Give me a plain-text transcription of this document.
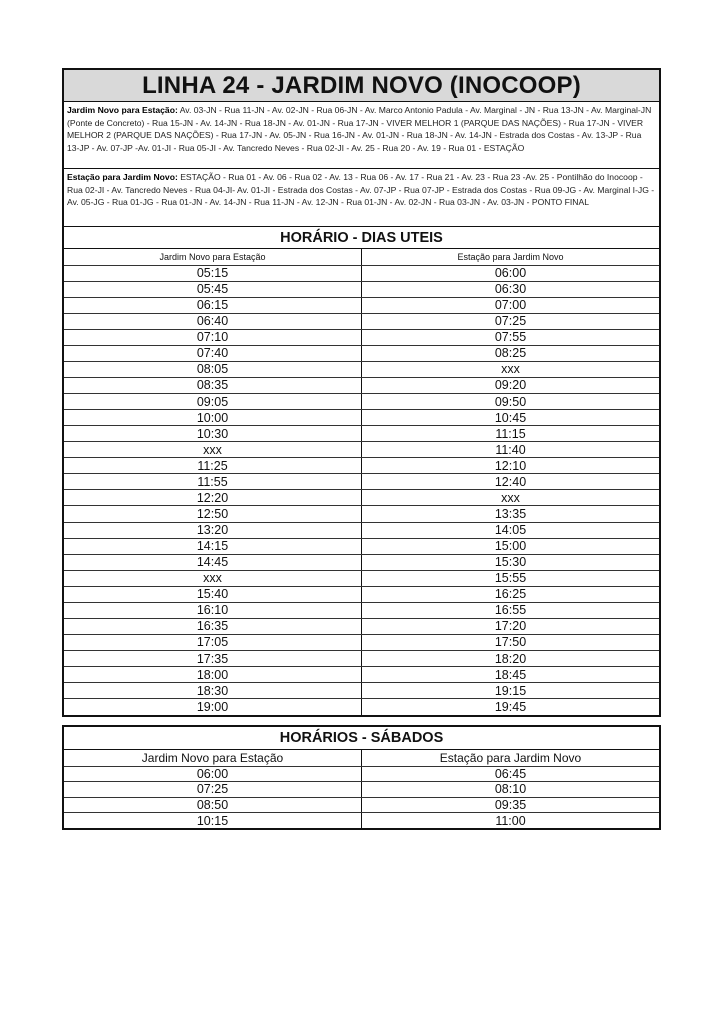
LINHA 24 - JARDIM NOVO (INOCOOP)
Jardim Novo para Estação: Av. 03-JN - Rua 11-JN - Av. 02-JN - Rua 06-JN - Av. Marco Antonio Padula - Av. Marginal - JN - Rua 13-JN - Av. Marginal-JN (Ponte de Concreto) - Rua 15-JN - Av. 14-JN - Rua 18-JN - Av. 01-JN - Rua 17-JN - VIVER MELHOR 1 (PARQUE DAS NAÇÕES) - Rua 17-JN - VIVER MELHOR 2 (PARQUE DAS NAÇÕES) - Rua 17-JN - Av. 05-JN - Rua 16-JN - Av. 01-JN - Rua 18-JN - Av. 14-JN - Estrada dos Costas - Av. 13-JP - Rua 13-JP - Av. 07-JP -Av. 01-JI - Rua 05-JI - Av. Tancredo Neves - Rua 02-JI - Av. 25 - Rua 20 - Av. 19 - Rua 01 - ESTAÇÃO
Estação para Jardim Novo: ESTAÇÃO - Rua 01 - Av. 06 - Rua 02 - Av. 13 - Rua 06 - Av. 17 - Rua 21 - Av. 23 - Rua 23 -Av. 25 - Pontilhão do Inocoop - Rua 02-JI - Av. Tancredo Neves - Rua 04-JI- Av. 01-JI - Estrada dos Costas - Av. 07-JP - Rua 07-JP - Estrada dos Costas - Rua 09-JG - Av. Marginal I-JG - Av. 05-JG - Rua 01-JG - Rua 01-JN - Av. 14-JN - Rua 11-JN - Av. 12-JN - Rua 01-JN - Av. 02-JN - Rua 03-JN - Av. 03-JN - PONTO FINAL
HORÁRIO - DIAS UTEIS
Jardim Novo para Estação	Estação para Jardim Novo
05:15	06:00
05:45	06:30
06:15	07:00
06:40	07:25
07:10	07:55
07:40	08:25
08:05	xxx
08:35	09:20
09:05	09:50
10:00	10:45
10:30	11:15
xxx	11:40
11:25	12:10
11:55	12:40
12:20	xxx
12:50	13:35
13:20	14:05
14:15	15:00
14:45	15:30
xxx	15:55
15:40	16:25
16:10	16:55
16:35	17:20
17:05	17:50
17:35	18:20
18:00	18:45
18:30	19:15
19:00	19:45
HORÁRIOS - SÁBADOS
Jardim Novo para Estação	Estação para Jardim Novo
06:00	06:45
07:25	08:10
08:50	09:35
10:15	11:00
